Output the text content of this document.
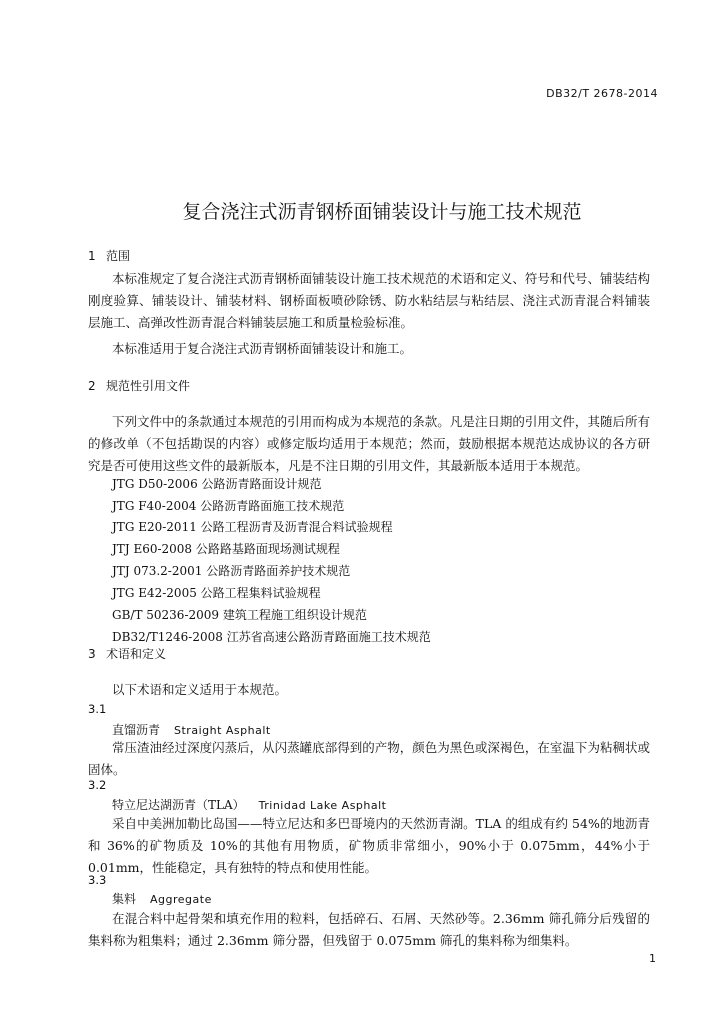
DB32/T 2678-2014
复合浇注式沥青钢桥面铺装设计与施工技术规范
1 范围

本标准规定了复合浇注式沥青钢桥面铺装设计施工技术规范的术语和定义、符号和代号、铺装结构刚度验算、铺装设计、铺装材料、钢桥面板喷砂除锈、防水粘结层与粘结层、浇注式沥青混合料铺装层施工、高弹改性沥青混合料铺装层施工和质量检验标准。

本标准适用于复合浇注式沥青钢桥面铺装设计和施工。

2 规范性引用文件

下列文件中的条款通过本规范的引用而构成为本规范的条款。凡是注日期的引用文件，其随后所有的修改单（不包括勘误的内容）或修定版均适用于本规范；然而，鼓励根据本规范达成协议的各方研究是否可使用这些文件的最新版本，凡是不注日期的引用文件，其最新版本适用于本规范。

JTG D50-2006 公路沥青路面设计规范
JTG F40-2004 公路沥青路面施工技术规范
JTG E20-2011 公路工程沥青及沥青混合料试验规程
JTJ E60-2008 公路路基路面现场测试规程
JTJ 073.2-2001 公路沥青路面养护技术规范
JTG E42-2005 公路工程集料试验规程
GB/T 50236-2009 建筑工程施工组织设计规范
DB32/T1246-2008 江苏省高速公路沥青路面施工技术规范
3 术语和定义

以下术语和定义适用于本规范。

3.1
直馏沥青 Straight Asphalt

常压渣油经过深度闪蒸后，从闪蒸罐底部得到的产物，颜色为黑色或深褐色，在室温下为粘稠状或固体。

3.2
特立尼达湖沥青（TLA） Trinidad Lake Asphalt

采自中美洲加勒比岛国——特立尼达和多巴哥境内的天然沥青湖。TLA 的组成有约 54%的地沥青和 36%的矿物质及 10%的其他有用物质，矿物质非常细小，90%小于 0.075mm，44%小于 0.01mm，性能稳定，具有独特的特点和使用性能。

3.3
集料 Aggregate

在混合料中起骨架和填充作用的粒料，包括碎石、石屑、天然砂等。2.36mm 筛孔筛分后残留的集料称为粗集料；通过 2.36mm 筛分器，但残留于 0.075mm 筛孔的集料称为细集料。

1
